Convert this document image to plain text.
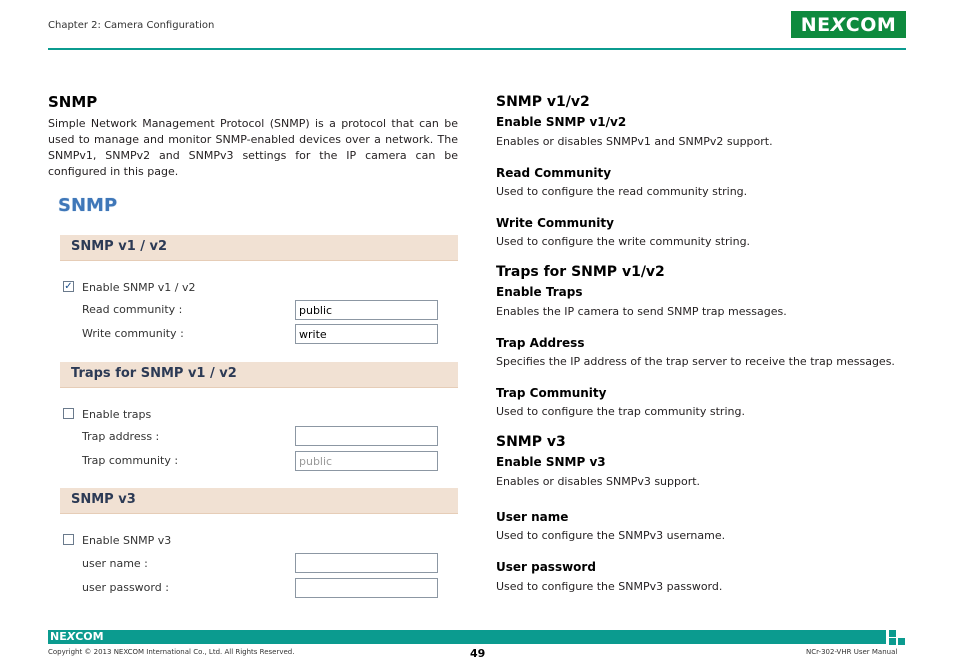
Chapter 2: Camera Configuration	NE X COM
SNMP
Simple Network Management Protocol (SNMP) is a protocol that can be used to manage and monitor SNMP-enabled devices over a network. The SNMPv1, SNMPv2 and SNMPv3 settings for the IP camera can be configured in this page.
SNMP
SNMP v1 / v2
✓ Enable SNMP v1 / v2
Read community :	public
Write community :	write
Traps for SNMP v1 / v2
Enable traps
Trap address :
Trap community :	public
SNMP v3
Enable SNMP v3
user name :
user password :
SNMP v1/v2
Enable SNMP v1/v2
Enables or disables SNMPv1 and SNMPv2 support.
Read Community
Used to configure the read community string.
Write Community
Used to configure the write community string.
Traps for SNMP v1/v2
Enable Traps
Enables the IP camera to send SNMP trap messages.
Trap Address
Specifies the IP address of the trap server to receive the trap messages.
Trap Community
Used to configure the trap community string.
SNMP v3
Enable SNMP v3
Enables or disables SNMPv3 support.
User name
Used to configure the SNMPv3 username.
User password
Used to configure the SNMPv3 password.
NEXCOM
Copyright © 2013 NEXCOM International Co., Ltd. All Rights Reserved.	49	NCr-302-VHR User Manual
